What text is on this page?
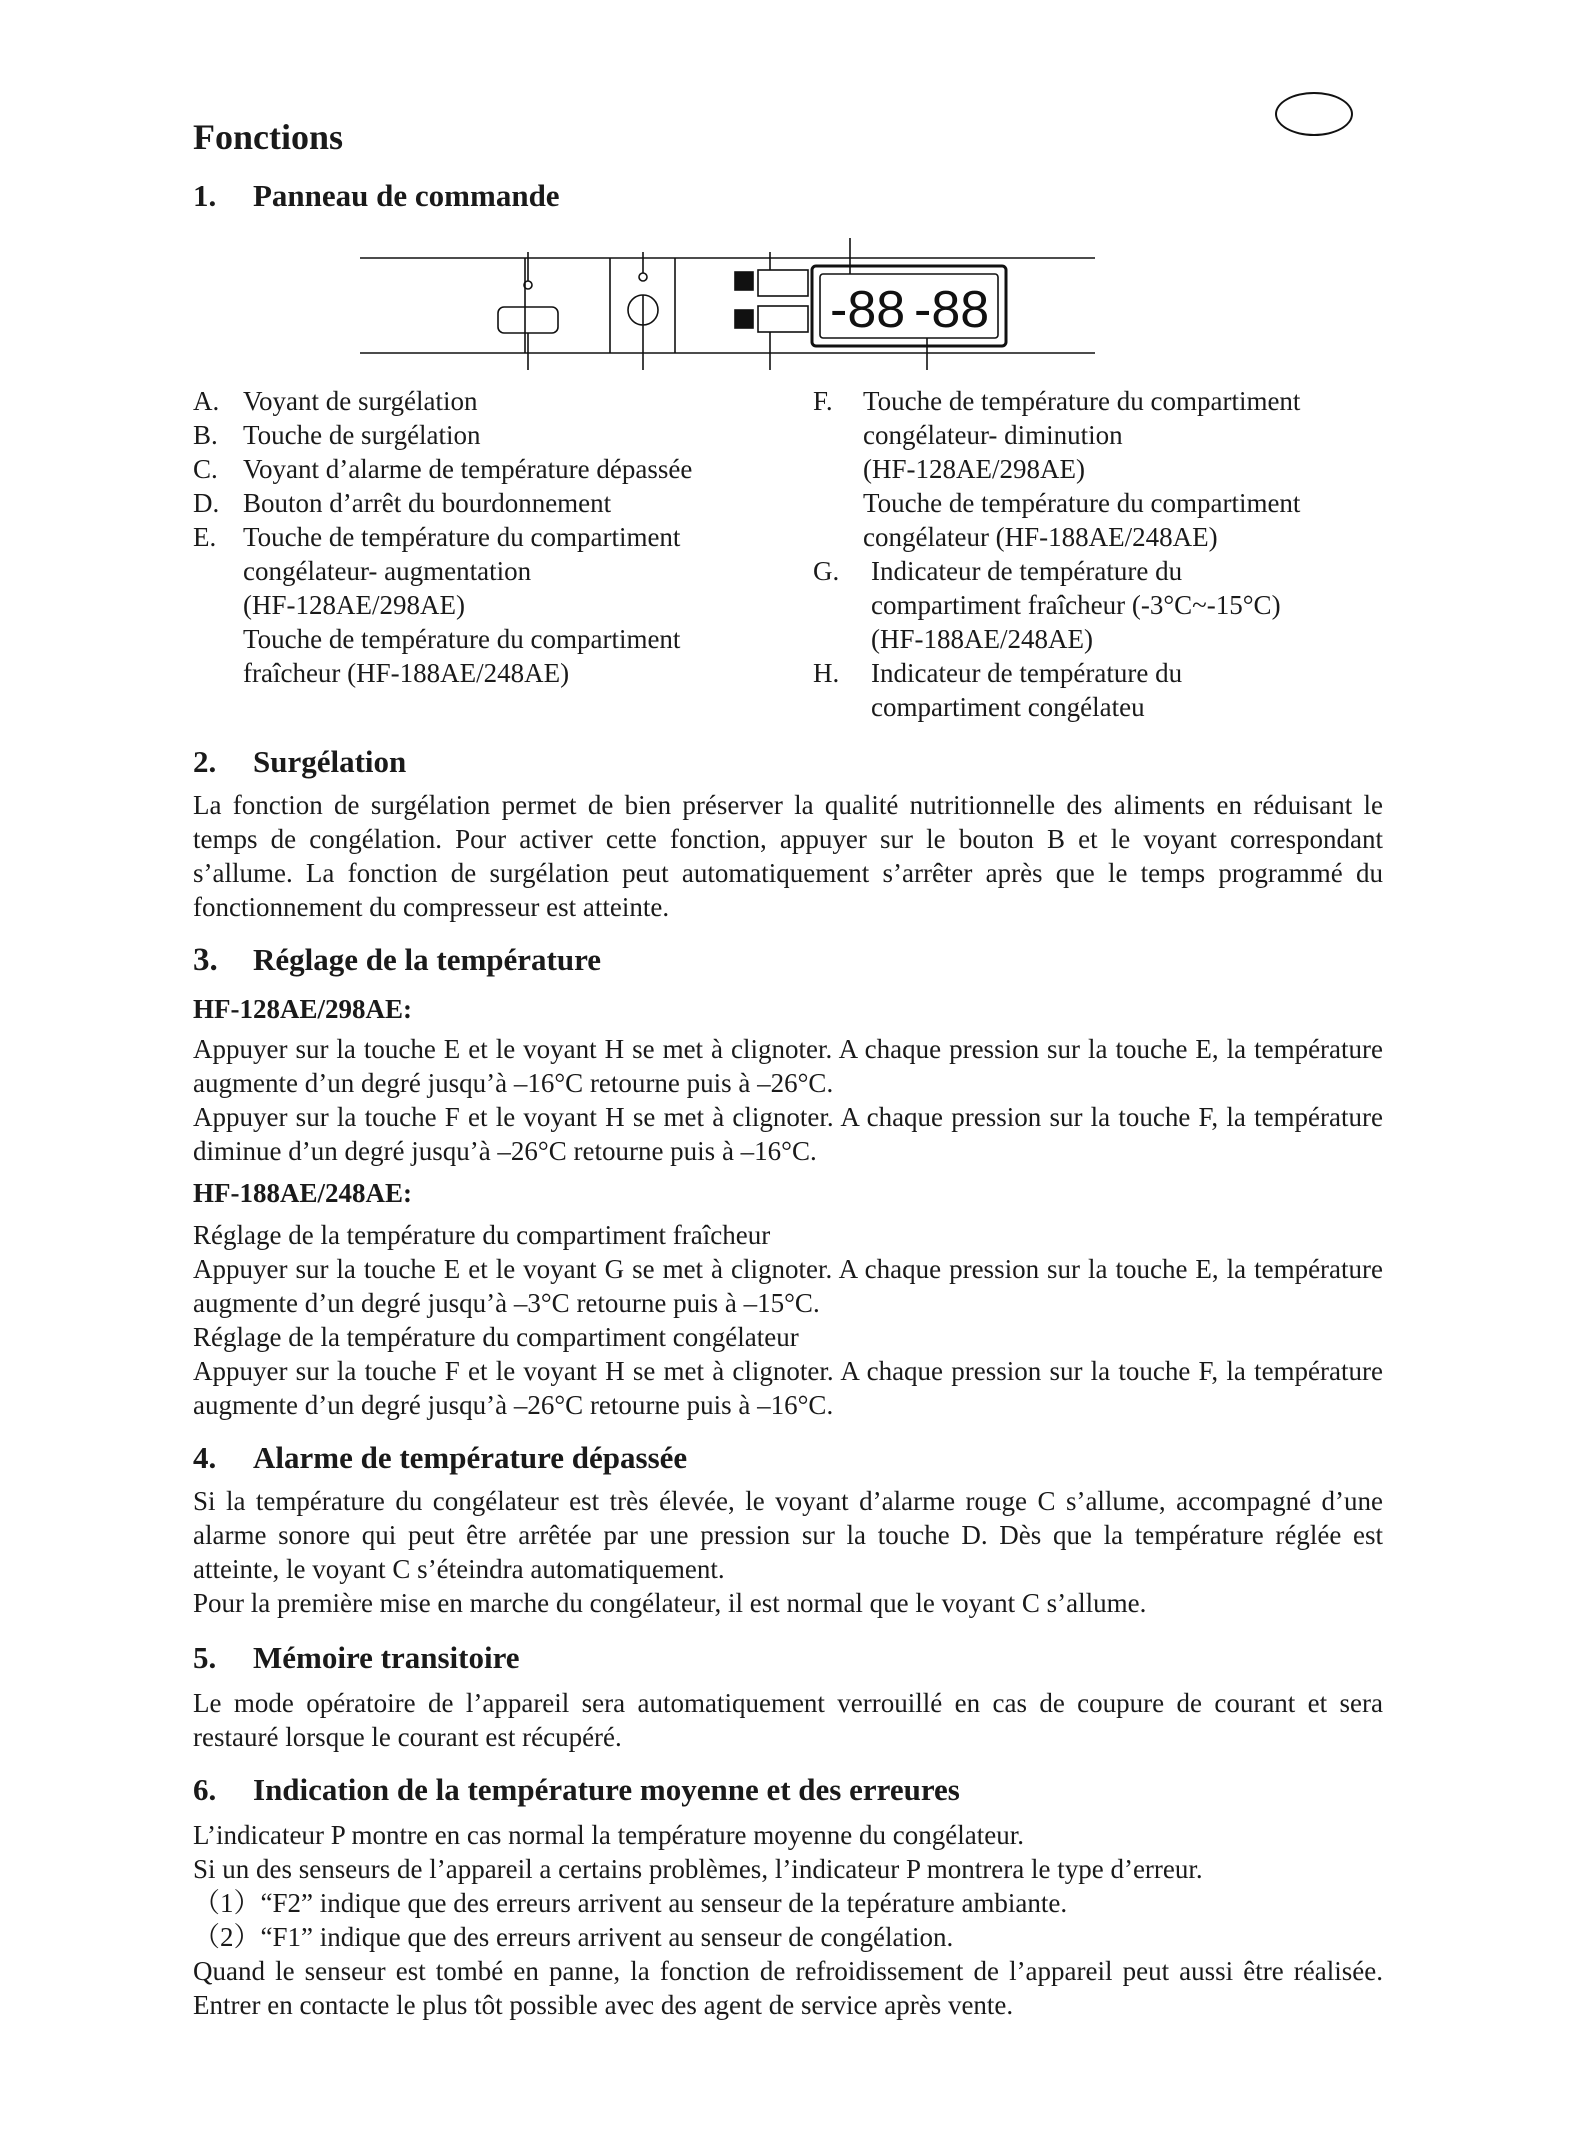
Fonctions
1. Panneau de commande
-88 -88
A. Voyant de surgélation
B. Touche de surgélation
C. Voyant d’alarme de température dépassée
D. Bouton d’arrêt du bourdonnement
E. Touche de température du compartiment
congélateur- augmentation
(HF-128AE/298AE)
Touche de température du compartiment
fraîcheur (HF-188AE/248AE)
F.	Touche de température du compartiment
congélateur- diminution
(HF-128AE/298AE)
Touche de température du compartiment
congélateur (HF-188AE/248AE)
G.	Indicateur de température du
compartiment fraîcheur (-3°C~-15°C)
(HF-188AE/248AE)
H.	Indicateur de température du
compartiment congélateu
2. Surgélation

La fonction de surgélation permet de bien préserver la qualité nutritionnelle des aliments en réduisant le temps de congélation. Pour activer cette fonction, appuyer sur le bouton B et le voyant correspondant s’allume. La fonction de surgélation peut automatiquement s’arrêter après que le temps programmé du fonctionnement du compresseur est atteinte.

3. Réglage de la température
HF-128AE/298AE:

Appuyer sur la touche E et le voyant H se met à clignoter. A chaque pression sur la touche E, la température augmente d’un degré jusqu’à –16°C retourne puis à –26°C.

Appuyer sur la touche F et le voyant H se met à clignoter. A chaque pression sur la touche F, la température diminue d’un degré jusqu’à –26°C retourne puis à –16°C.

HF-188AE/248AE:
Réglage de la température du compartiment fraîcheur

Appuyer sur la touche E et le voyant G se met à clignoter. A chaque pression sur la touche E, la température augmente d’un degré jusqu’à –3°C retourne puis à –15°C.

Réglage de la température du compartiment congélateur

Appuyer sur la touche F et le voyant H se met à clignoter. A chaque pression sur la touche F, la température augmente d’un degré jusqu’à –26°C retourne puis à –16°C.

4. Alarme de température dépassée

Si la température du congélateur est très élevée, le voyant d’alarme rouge C s’allume, accompagné d’une alarme sonore qui peut être arrêtée par une pression sur la touche D. Dès que la température réglée est atteinte, le voyant C s’éteindra automatiquement.

Pour la première mise en marche du congélateur, il est normal que le voyant C s’allume.
5. Mémoire transitoire

Le mode opératoire de l’appareil sera automatiquement verrouillé en cas de coupure de courant et sera restauré lorsque le courant est récupéré.

6. Indication de la température moyenne et des erreures
L’indicateur P montre en cas normal la température moyenne du congélateur.
Si un des senseurs de l’appareil a certains problèmes, l’indicateur P montrera le type d’erreur.
（1）“F2” indique que des erreurs arrivent au senseur de la tepérature ambiante.
（2）“F1” indique que des erreurs arrivent au senseur de congélation.

Quand le senseur est tombé en panne, la fonction de refroidissement de l’appareil peut aussi être réalisée. Entrer en contacte le plus tôt possible avec des agent de service après vente.
